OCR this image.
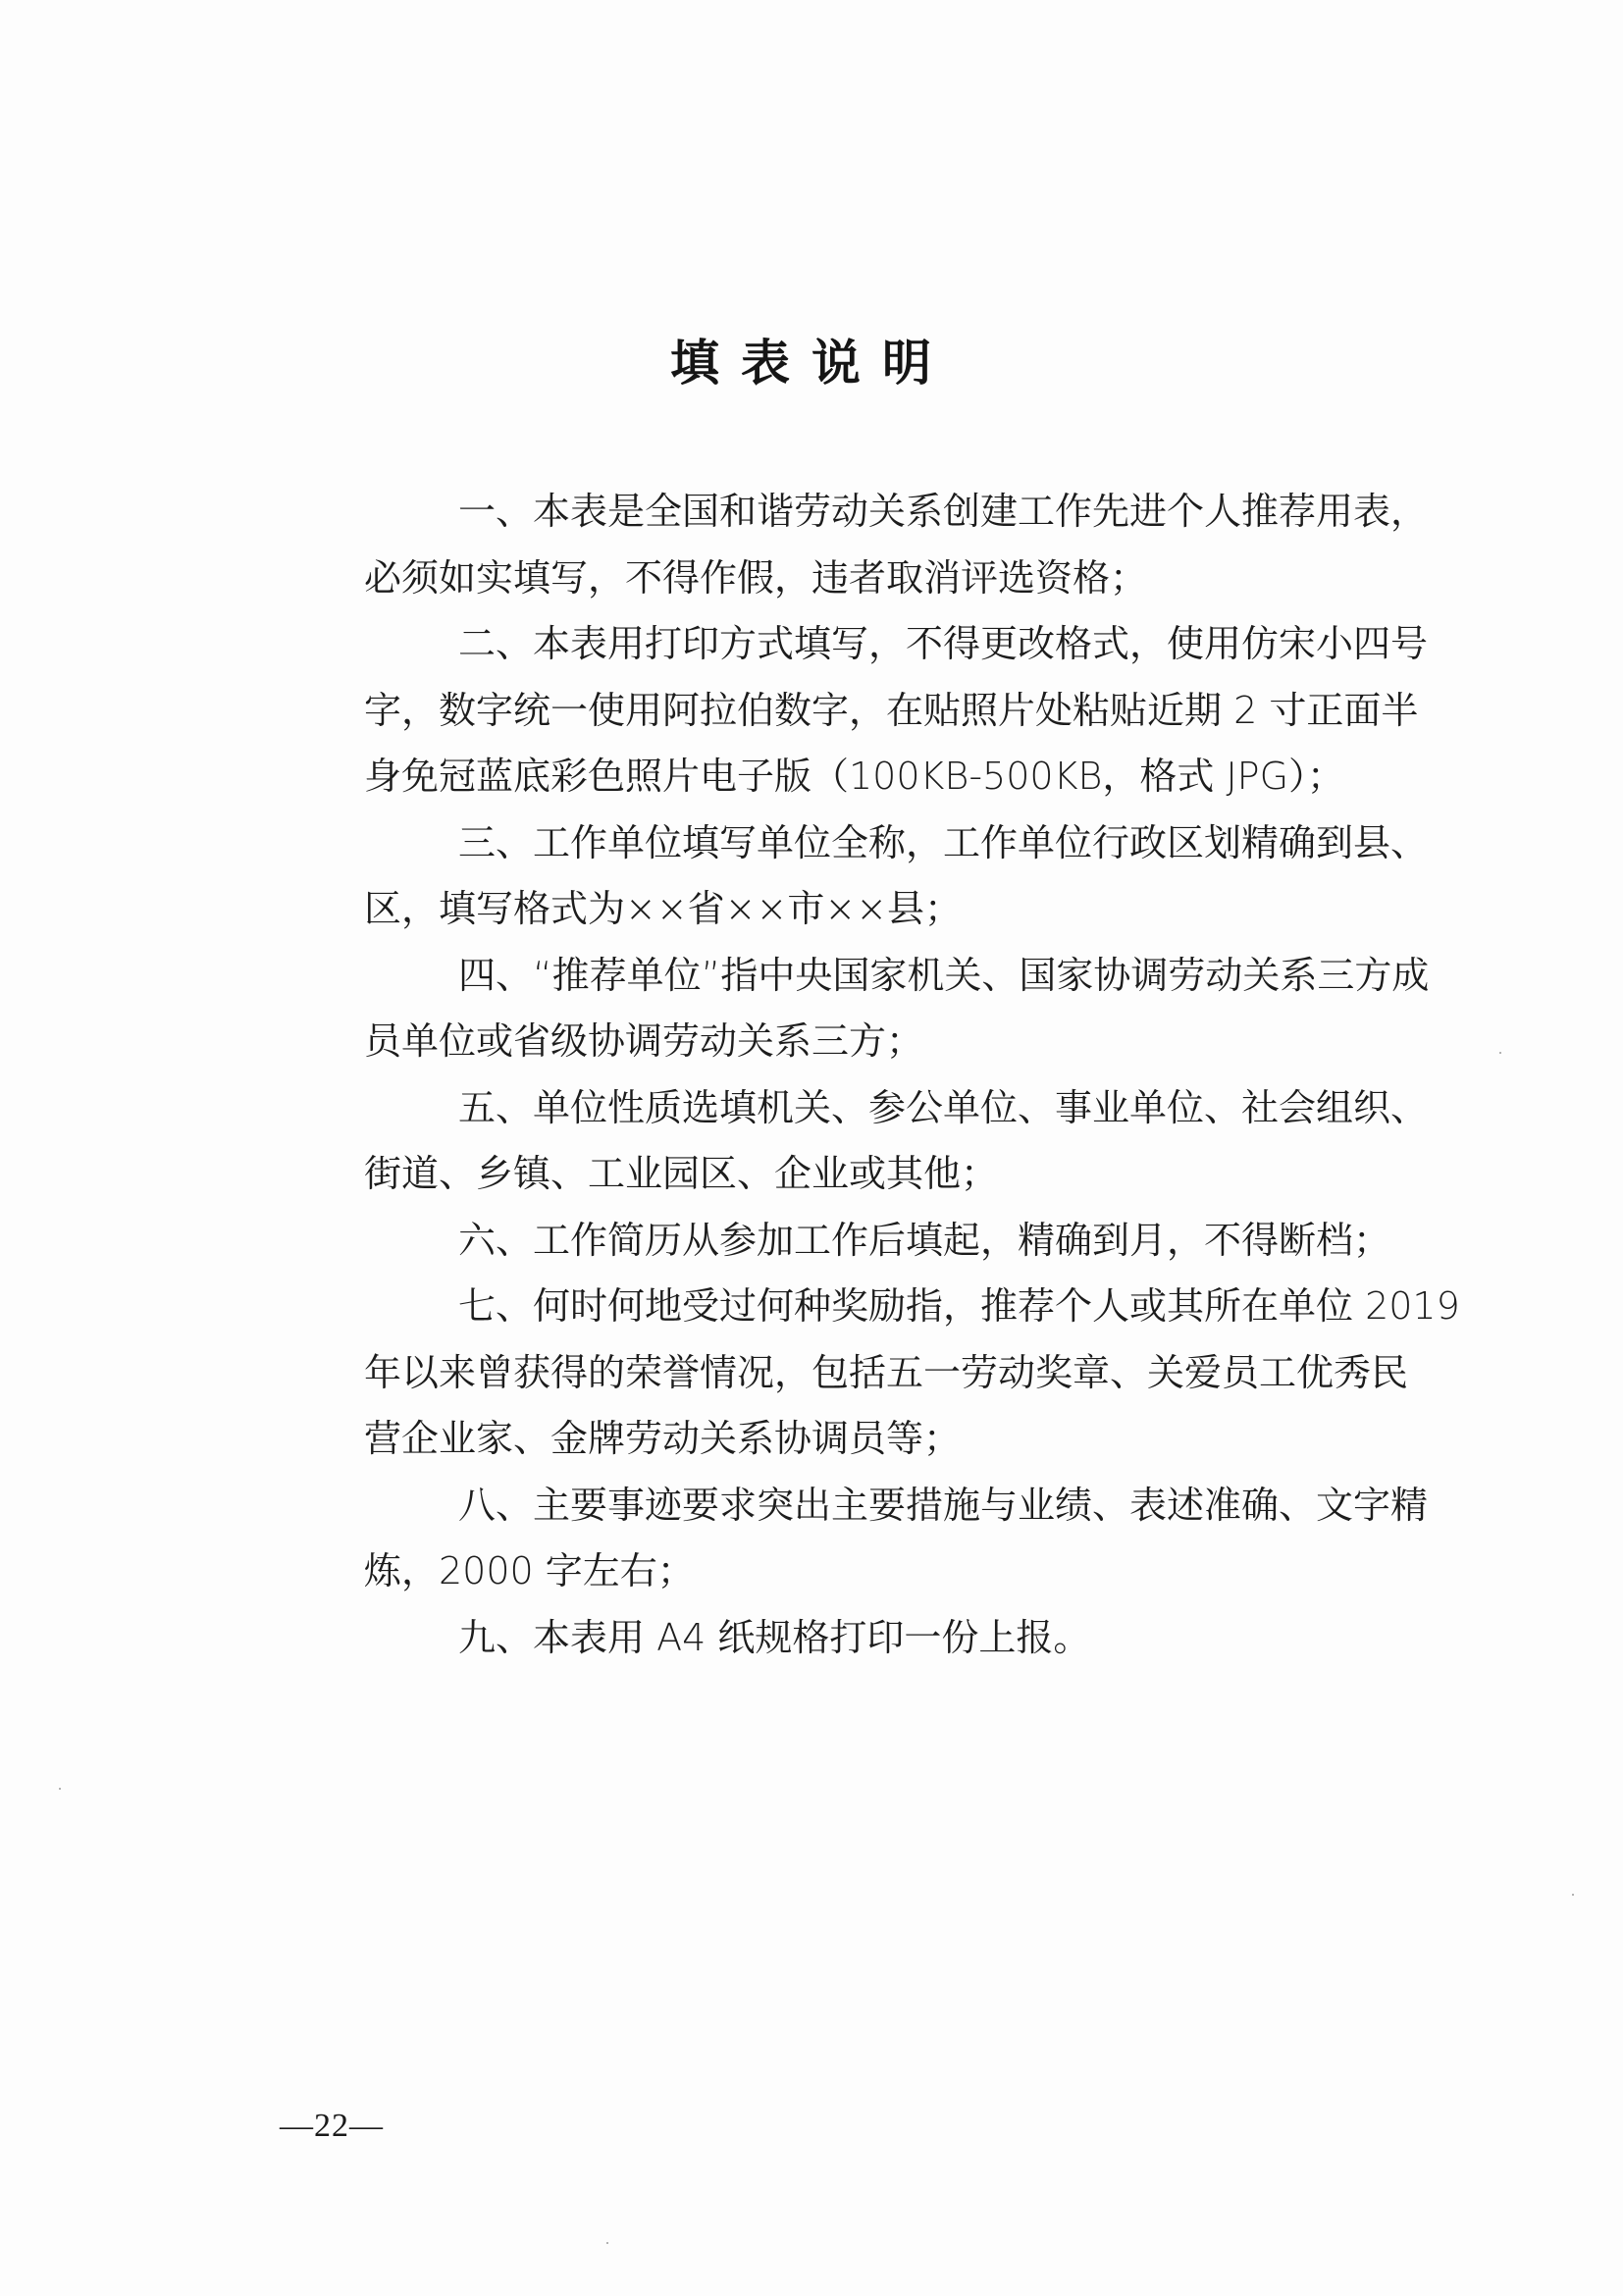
填表说明
一、本表是全国和谐劳动关系创建工作先进个人推荐用表，
必须如实填写，不得作假，违者取消评选资格；
二、本表用打印方式填写，不得更改格式，使用仿宋小四号
字，数字统一使用阿拉伯数字，在贴照片处粘贴近期 2 寸正面半
身免冠蓝底彩色照片电子版（100KB-500KB，格式 JPG）；
三、工作单位填写单位全称，工作单位行政区划精确到县、
区，填写格式为××省××市××县；
四、“推荐单位”指中央国家机关、国家协调劳动关系三方成
员单位或省级协调劳动关系三方；
五、单位性质选填机关、参公单位、事业单位、社会组织、
街道、乡镇、工业园区、企业或其他；
六、工作简历从参加工作后填起，精确到月，不得断档；
七、何时何地受过何种奖励指，推荐个人或其所在单位 2019
年以来曾获得的荣誉情况，包括五一劳动奖章、关爱员工优秀民
营企业家、金牌劳动关系协调员等；
八、主要事迹要求突出主要措施与业绩、表述准确、文字精
炼，2000 字左右；
九、本表用 A4 纸规格打印一份上报。
—22—
